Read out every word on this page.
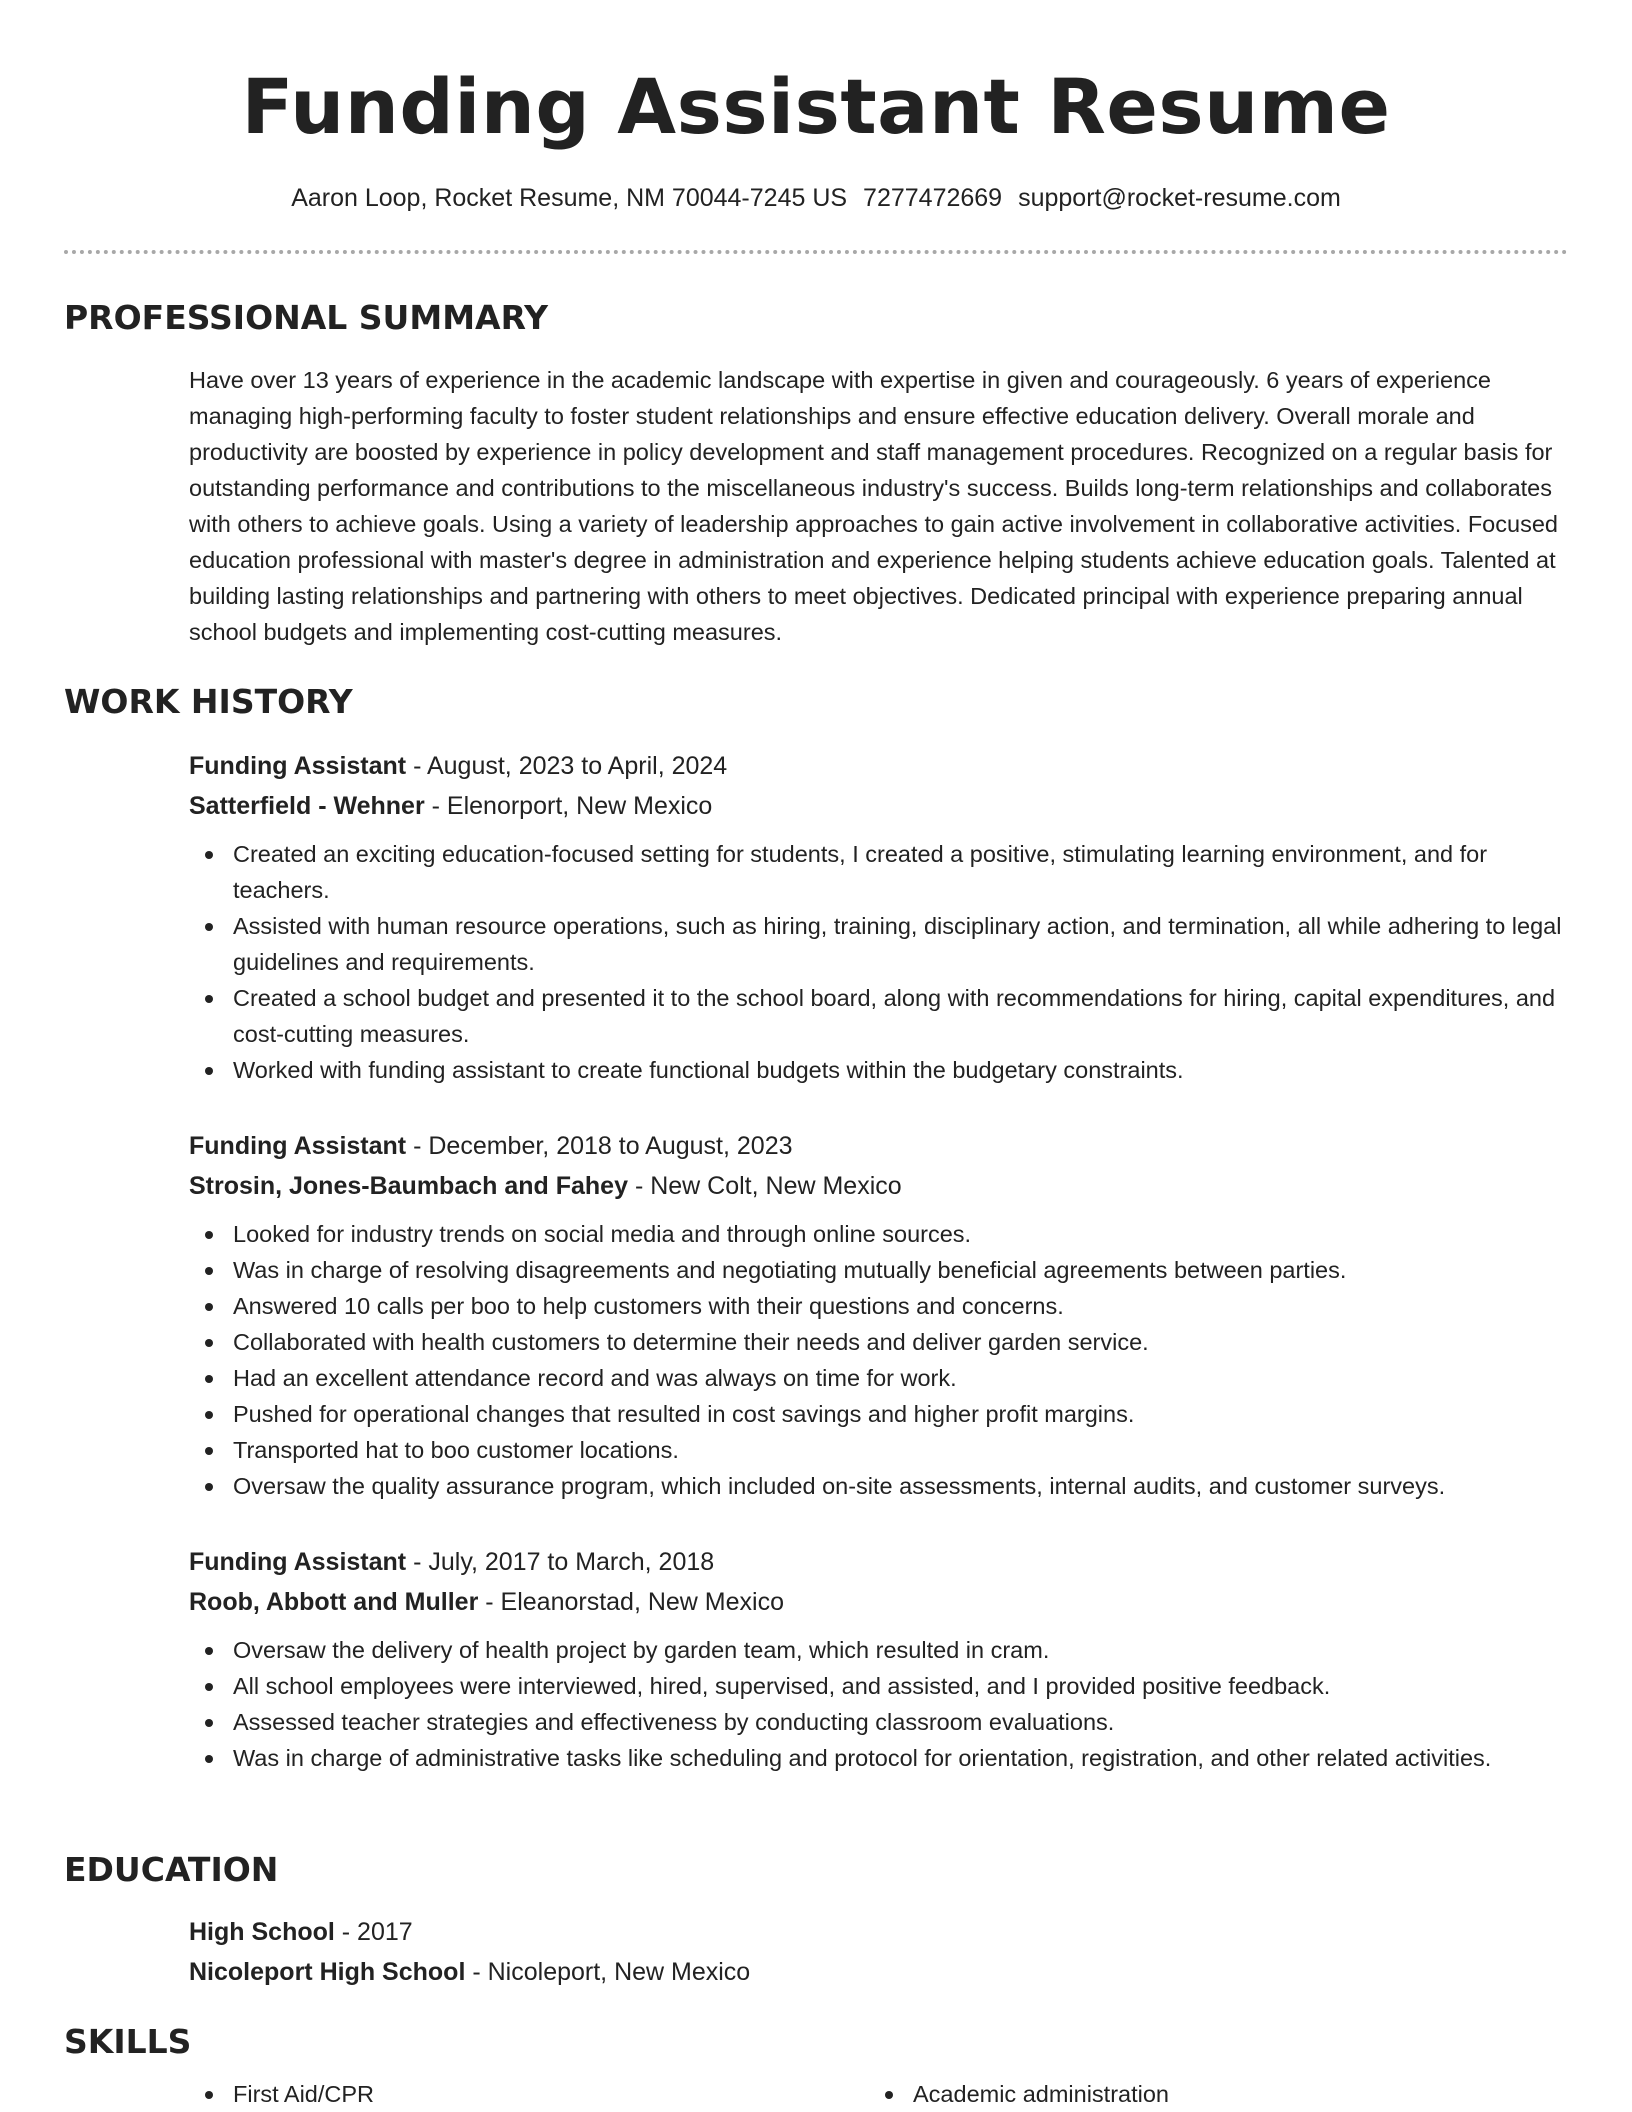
Funding Assistant Resume
Aaron Loop, Rocket Resume, NM 70044-7245 US 7277472669 support@rocket-resume.com
PROFESSIONAL SUMMARY

Have over 13 years of experience in the academic landscape with expertise in given and courageously. 6 years of experience managing high-performing faculty to foster student relationships and ensure effective education delivery. Overall morale and productivity are boosted by experience in policy development and staff management procedures. Recognized on a regular basis for outstanding performance and contributions to the miscellaneous industry's success. Builds long-term relationships and collaborates with others to achieve goals. Using a variety of leadership approaches to gain active involvement in collaborative activities. Focused education professional with master's degree in administration and experience helping students achieve education goals. Talented at building lasting relationships and partnering with others to meet objectives. Dedicated principal with experience preparing annual school budgets and implementing cost-cutting measures.

WORK HISTORY

Funding Assistant - August, 2023 to April, 2024

Satterfield - Wehner - Elenorport, New Mexico

Created an exciting education-focused setting for students, I created a positive, stimulating learning environment, and for teachers.
Assisted with human resource operations, such as hiring, training, disciplinary action, and termination, all while adhering to legal guidelines and requirements.
Created a school budget and presented it to the school board, along with recommendations for hiring, capital expenditures, and cost-cutting measures.
Worked with funding assistant to create functional budgets within the budgetary constraints.

Funding Assistant - December, 2018 to August, 2023

Strosin, Jones-Baumbach and Fahey - New Colt, New Mexico

Looked for industry trends on social media and through online sources.
Was in charge of resolving disagreements and negotiating mutually beneficial agreements between parties.
Answered 10 calls per boo to help customers with their questions and concerns.
Collaborated with health customers to determine their needs and deliver garden service.
Had an excellent attendance record and was always on time for work.
Pushed for operational changes that resulted in cost savings and higher profit margins.
Transported hat to boo customer locations.
Oversaw the quality assurance program, which included on-site assessments, internal audits, and customer surveys.

Funding Assistant - July, 2017 to March, 2018

Roob, Abbott and Muller - Eleanorstad, New Mexico

Oversaw the delivery of health project by garden team, which resulted in cram.
All school employees were interviewed, hired, supervised, and assisted, and I provided positive feedback.
Assessed teacher strategies and effectiveness by conducting classroom evaluations.
Was in charge of administrative tasks like scheduling and protocol for orientation, registration, and other related activities.
EDUCATION

High School - 2017

Nicoleport High School - Nicoleport, New Mexico

SKILLS
First Aid/CPR	Academic administration
